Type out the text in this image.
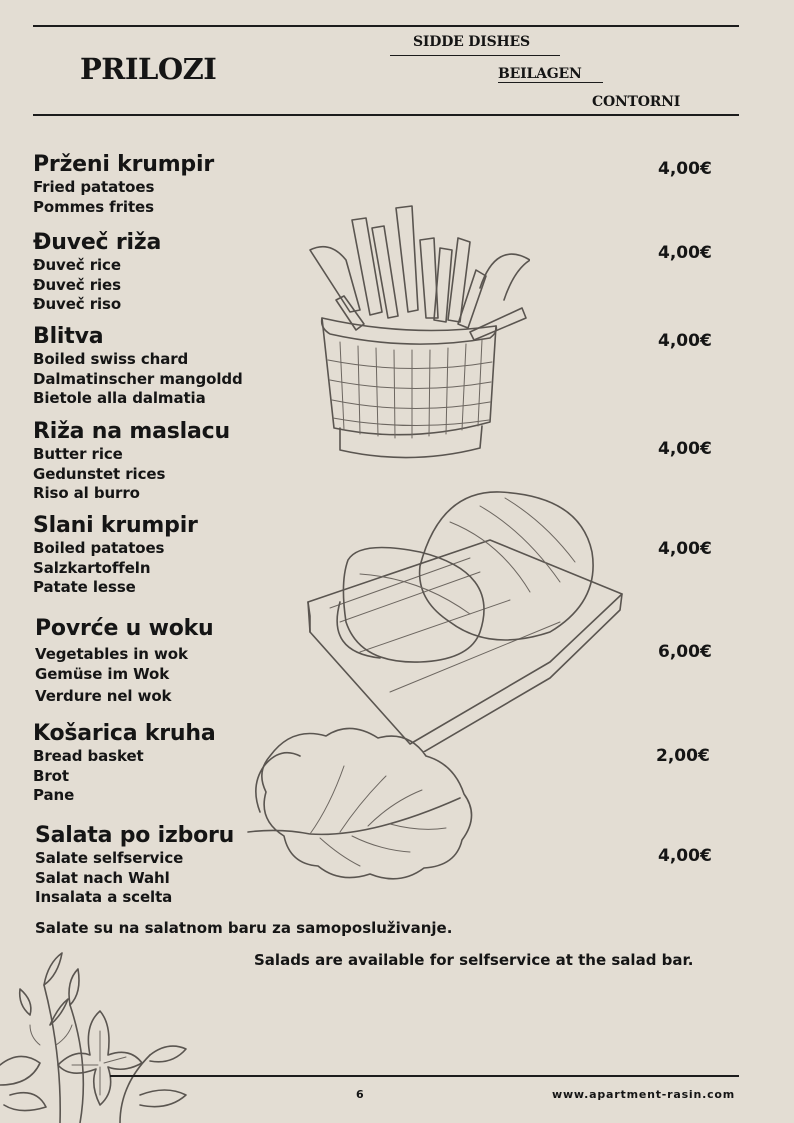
PRILOZI
SIDDE DISHES
BEILAGEN
CONTORNI
Prženi krumpir
Fried patatoes
Pommes frites
4,00€
Đuveč riža
Đuveč rice
Đuveč ries
Đuveč riso
4,00€
Blitva
Boiled swiss chard
Dalmatinscher mangoldd
Bietole alla dalmatia
4,00€
Riža na maslacu
Butter rice
Gedunstet rices
Riso al burro
4,00€
Slani krumpir
Boiled patatoes
Salzkartoffeln
Patate lesse
4,00€
Povrće u woku
Vegetables in wok
Gemüse im Wok
Verdure nel wok
6,00€
Košarica kruha
Bread basket
Brot
Pane
2,00€
Salata po izboru
Salate selfservice
Salat nach Wahl
Insalata a scelta
4,00€
Salate su na salatnom baru za samoposluživanje.
Salads are available for selfservice at the salad bar.
6	www.apartment-rasin.com
